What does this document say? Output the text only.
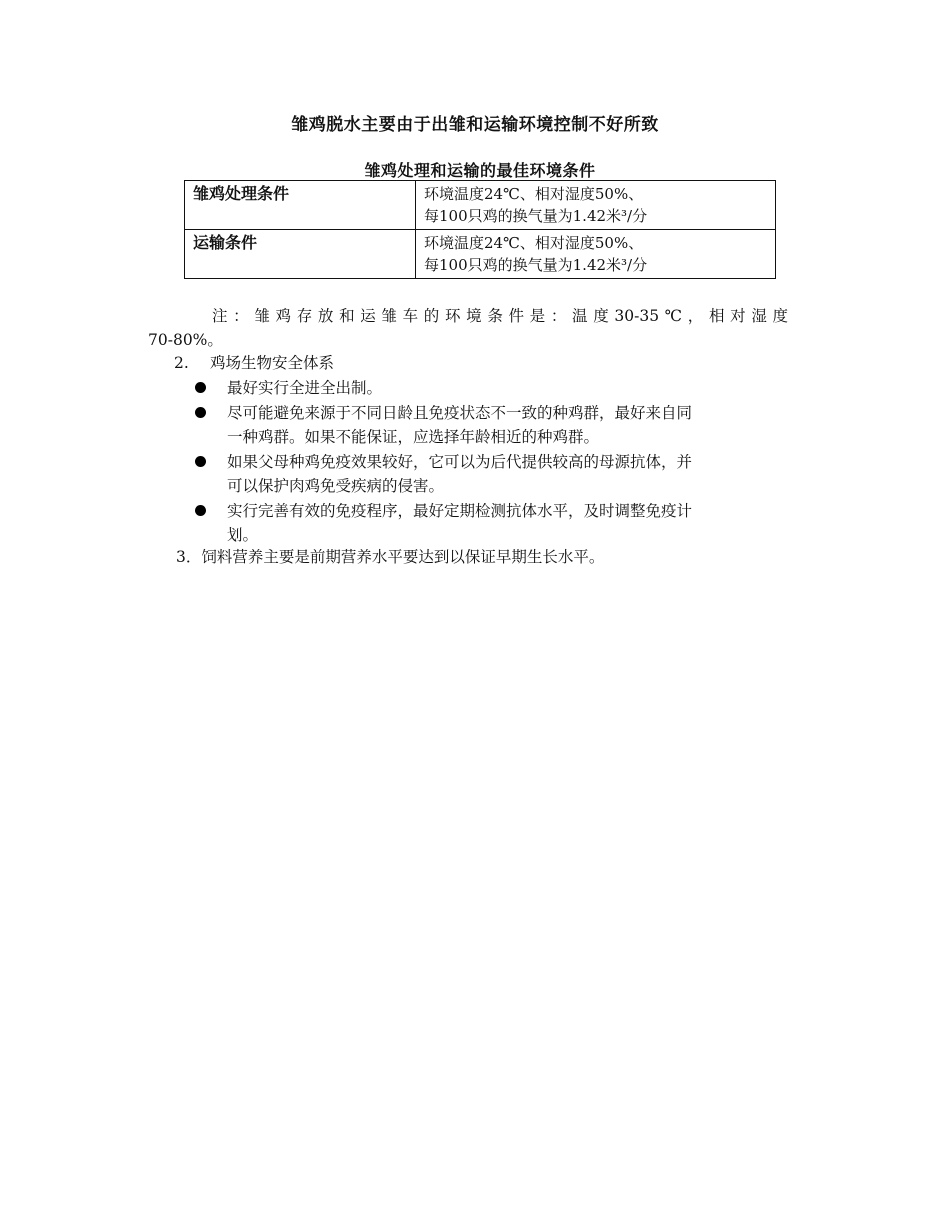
雏鸡脱水主要由于出雏和运输环境控制不好所致
雏鸡处理和运输的最佳环境条件
雏鸡处理条件	环境温度24℃、相对湿度50%、
每100只鸡的换气量为1.42米³/分

运输条件	环境温度24℃、相对湿度50%、
每100只鸡的换气量为1.42米³/分
注：雏鸡存放和运雏车的环境条件是：温度30-35℃，相对湿度
70-80%。
2. 鸡场生物安全体系
最好实行全进全出制。
尽可能避免来源于不同日龄且免疫状态不一致的种鸡群，最好来自同
一种鸡群。如果不能保证，应选择年龄相近的种鸡群。
如果父母种鸡免疫效果较好，它可以为后代提供较高的母源抗体，并
可以保护肉鸡免受疾病的侵害。
实行完善有效的免疫程序，最好定期检测抗体水平，及时调整免疫计
划。
3．饲料营养主要是前期营养水平要达到以保证早期生长水平。
